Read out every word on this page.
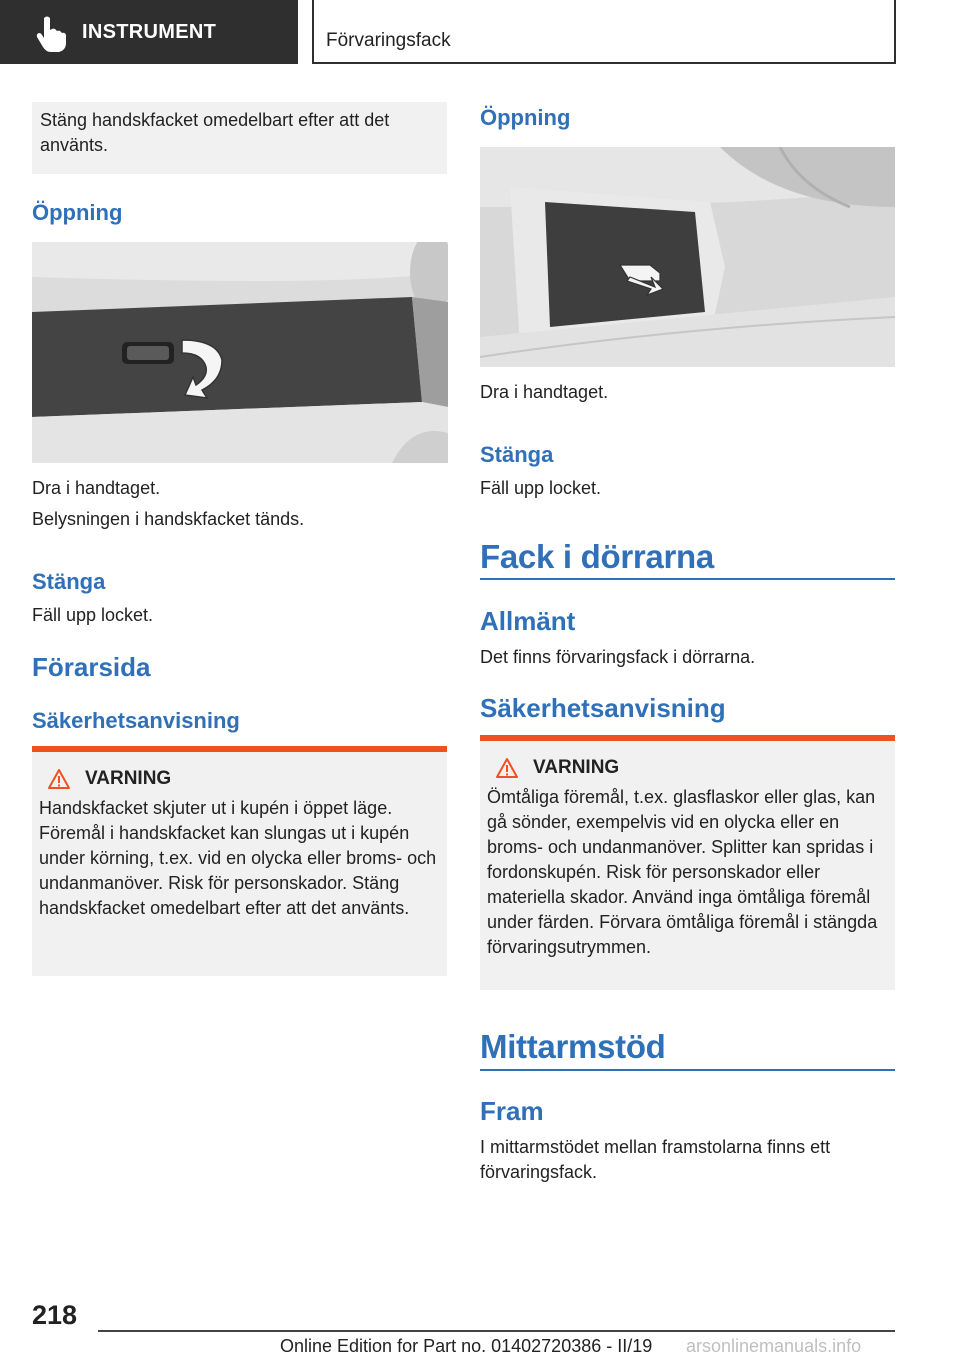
INSTRUMENT	Förvaringsfack
Stäng handskfacket omedelbart efter att det använts.
Öppning
Dra i handtaget.
Belysningen i handskfacket tänds.
Stänga
Fäll upp locket.
Förarsida
Säkerhetsanvisning
VARNING
Handskfacket skjuter ut i kupén i öppet läge. Föremål i handskfacket kan slungas ut i kupén under körning, t.ex. vid en olycka eller broms- och undanmanöver. Risk för personskador. Stäng handskfacket omedelbart efter att det använts.
Öppning
Dra i handtaget.
Stänga
Fäll upp locket.
Fack i dörrarna
Allmänt
Det finns förvaringsfack i dörrarna.
Säkerhetsanvisning
VARNING
Ömtåliga föremål, t.ex. glasflaskor eller glas, kan gå sönder, exempelvis vid en olycka eller en broms- och undanmanöver. Splitter kan spridas i fordonskupén. Risk för personskador eller materiella skador. Använd inga ömtåliga föremål under färden. Förvara ömtåliga föremål i stängda förvaringsutrymmen.
Mittarmstöd
Fram
I mittarmstödet mellan framstolarna finns ett förvaringsfack.
218
Online Edition for Part no. 01402720386 - II/19 arsonlinemanuals.info
